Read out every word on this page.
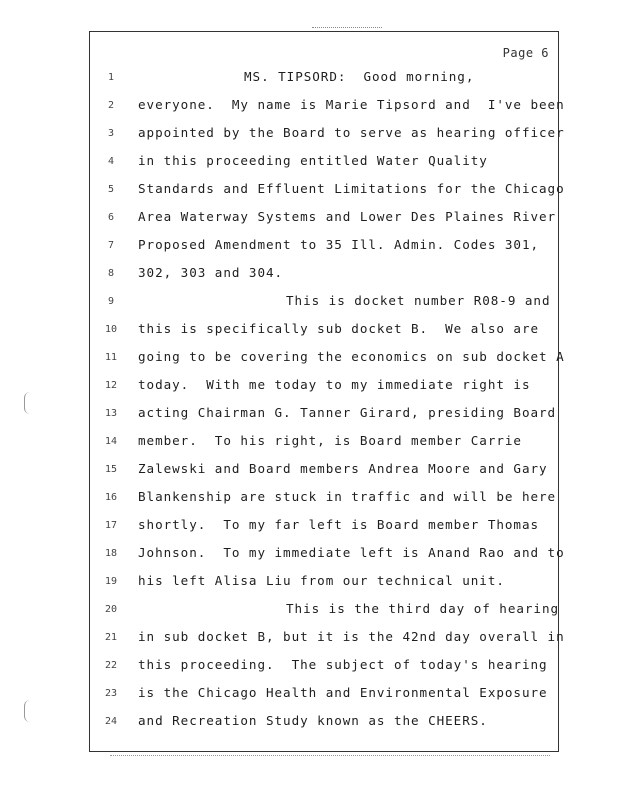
Page 6
1	MS. TIPSORD:  Good morning,
2	everyone.  My name is Marie Tipsord and  I've been
3	appointed by the Board to serve as hearing officer
4	in this proceeding entitled Water Quality
5	Standards and Effluent Limitations for the Chicago
6	Area Waterway Systems and Lower Des Plaines River
7	Proposed Amendment to 35 Ill. Admin. Codes 301,
8	302, 303 and 304.
9	This is docket number R08-9 and
10	this is specifically sub docket B.  We also are
11	going to be covering the economics on sub docket A
12	today.  With me today to my immediate right is
13	acting Chairman G. Tanner Girard, presiding Board
14	member.  To his right, is Board member Carrie
15	Zalewski and Board members Andrea Moore and Gary
16	Blankenship are stuck in traffic and will be here
17	shortly.  To my far left is Board member Thomas
18	Johnson.  To my immediate left is Anand Rao and to
19	his left Alisa Liu from our technical unit.
20	This is the third day of hearing
21	in sub docket B, but it is the 42nd day overall in
22	this proceeding.  The subject of today's hearing
23	is the Chicago Health and Environmental Exposure
24	and Recreation Study known as the CHEERS.
